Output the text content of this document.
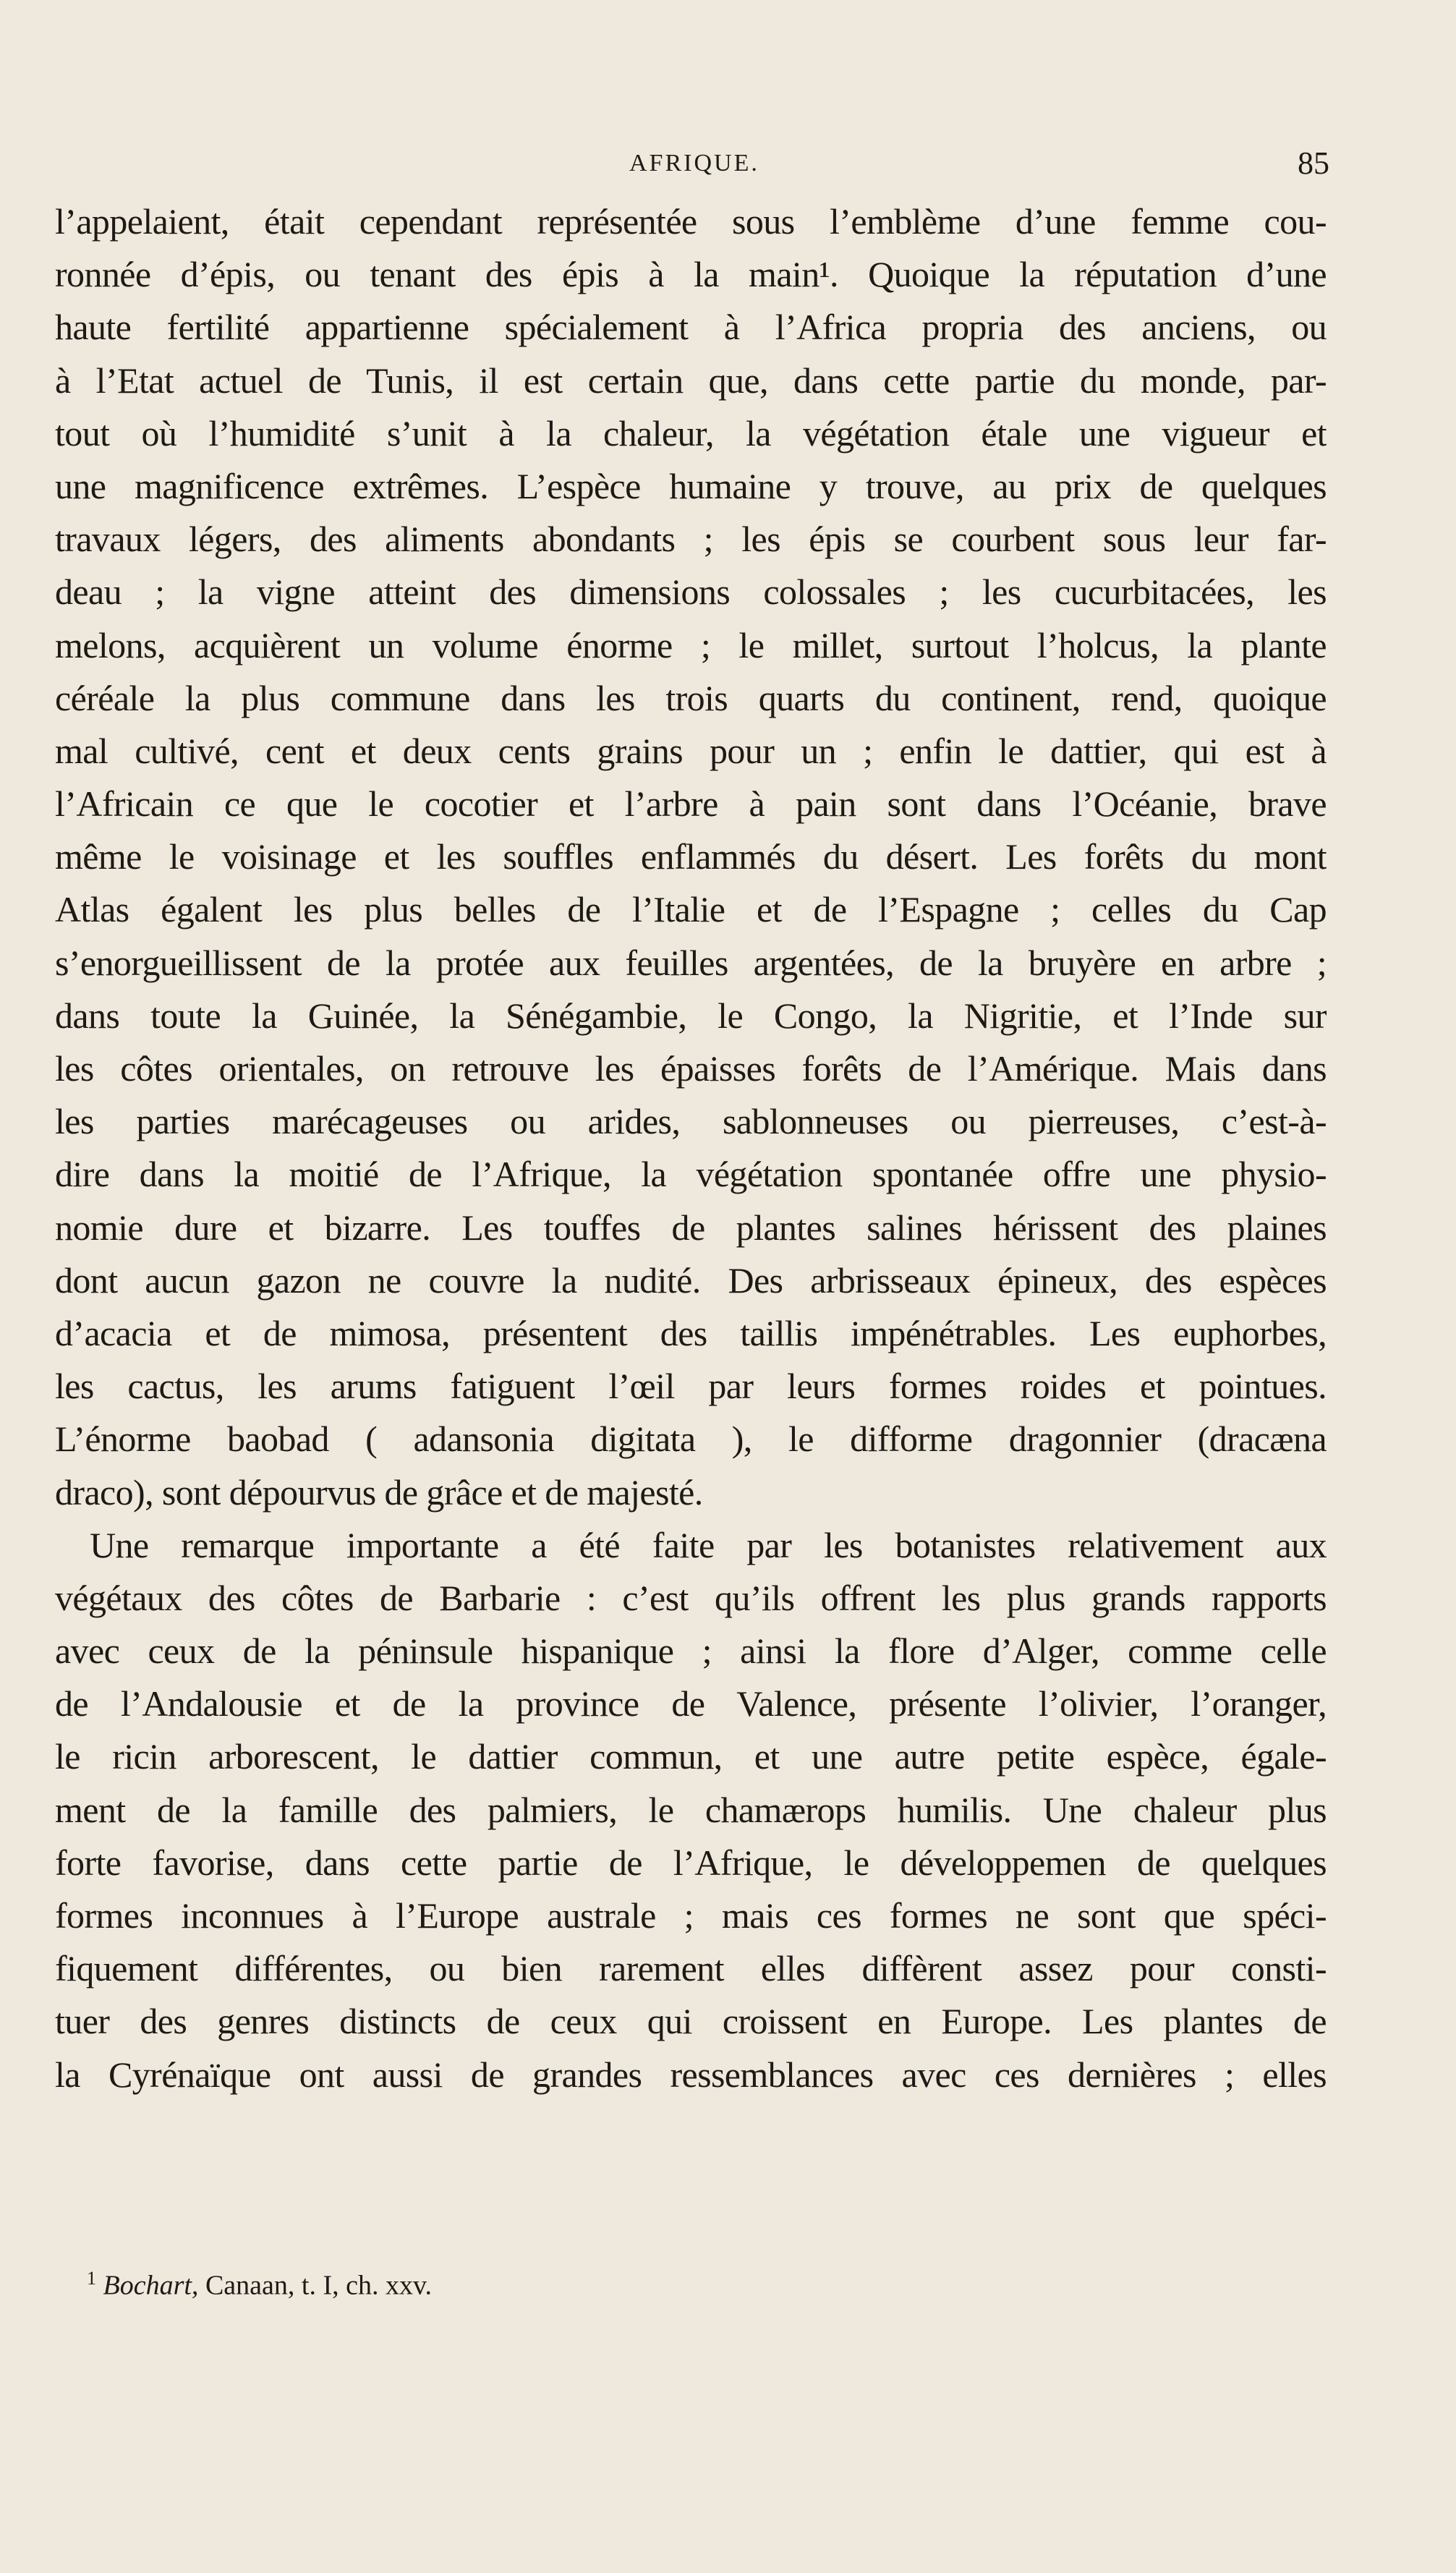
AFRIQUE.	85
l’appelaient, était cependant représentée sous l’emblème d’une femme cou-
ronnée d’épis, ou tenant des épis à la main¹. Quoique la réputation d’une
haute fertilité appartienne spécialement à l’Africa propria des anciens, ou
à l’Etat actuel de Tunis, il est certain que, dans cette partie du monde, par-
tout où l’humidité s’unit à la chaleur, la végétation étale une vigueur et
une magnificence extrêmes. L’espèce humaine y trouve, au prix de quelques
travaux légers, des aliments abondants ; les épis se courbent sous leur far-
deau ; la vigne atteint des dimensions colossales ; les cucurbitacées, les
melons, acquièrent un volume énorme ; le millet, surtout l’holcus, la plante
céréale la plus commune dans les trois quarts du continent, rend, quoique
mal cultivé, cent et deux cents grains pour un ; enfin le dattier, qui est à
l’Africain ce que le cocotier et l’arbre à pain sont dans l’Océanie, brave
même le voisinage et les souffles enflammés du désert. Les forêts du mont
Atlas égalent les plus belles de l’Italie et de l’Espagne ; celles du Cap
s’enorgueillissent de la protée aux feuilles argentées, de la bruyère en arbre ;
dans toute la Guinée, la Sénégambie, le Congo, la Nigritie, et l’Inde sur
les côtes orientales, on retrouve les épaisses forêts de l’Amérique. Mais dans
les parties marécageuses ou arides, sablonneuses ou pierreuses, c’est-à-
dire dans la moitié de l’Afrique, la végétation spontanée offre une physio-
nomie dure et bizarre. Les touffes de plantes salines hérissent des plaines
dont aucun gazon ne couvre la nudité. Des arbrisseaux épineux, des espèces
d’acacia et de mimosa, présentent des taillis impénétrables. Les euphorbes,
les cactus, les arums fatiguent l’œil par leurs formes roides et pointues.
L’énorme baobad ( adansonia digitata ), le difforme dragonnier (dracæna
draco), sont dépourvus de grâce et de majesté.
Une remarque importante a été faite par les botanistes relativement aux
végétaux des côtes de Barbarie : c’est qu’ils offrent les plus grands rapports
avec ceux de la péninsule hispanique ; ainsi la flore d’Alger, comme celle
de l’Andalousie et de la province de Valence, présente l’olivier, l’oranger,
le ricin arborescent, le dattier commun, et une autre petite espèce, égale-
ment de la famille des palmiers, le chamærops humilis. Une chaleur plus
forte favorise, dans cette partie de l’Afrique, le développemen de quelques
formes inconnues à l’Europe australe ; mais ces formes ne sont que spéci-
fiquement différentes, ou bien rarement elles diffèrent assez pour consti-
tuer des genres distincts de ceux qui croissent en Europe. Les plantes de
la Cyrénaïque ont aussi de grandes ressemblances avec ces dernières ; elles
$^1$ Bochart, Canaan, t. I, ch. xxv.
